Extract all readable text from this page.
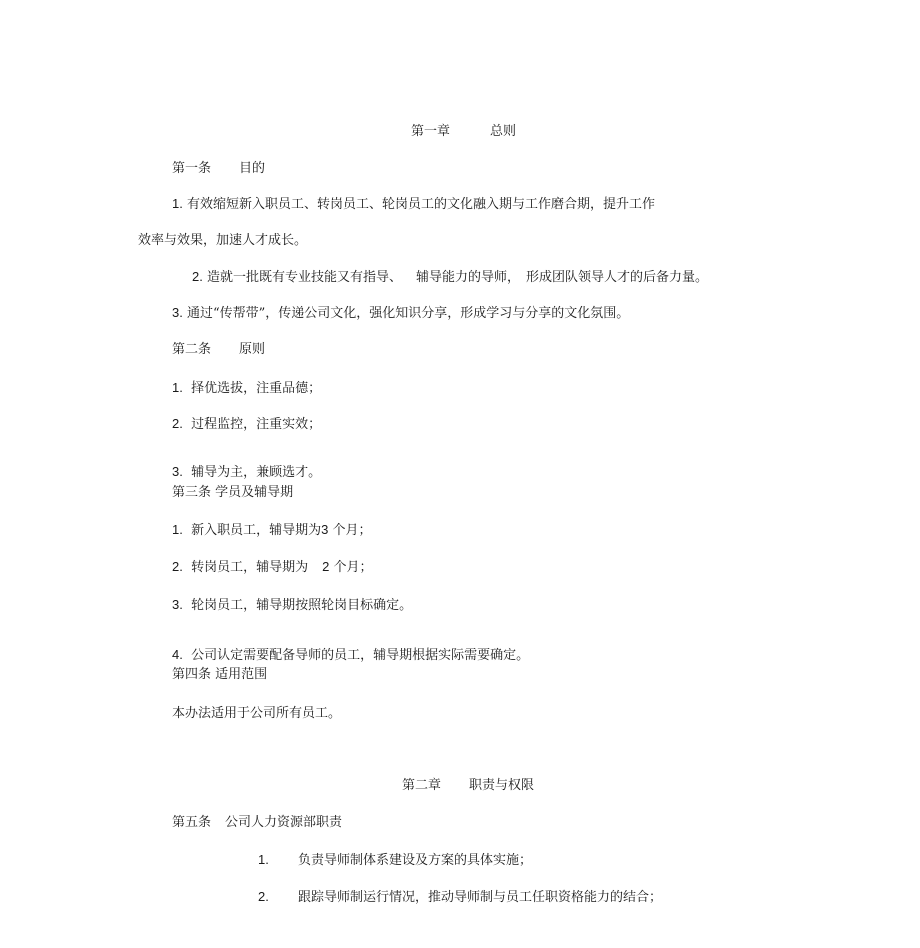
第一章	总则
第一条 目的
1. 有效缩短新入职员工、转岗员工、轮岗员工的文化融入期与工作磨合期，提升工作
效率与效果，加速人才成长。
2. 造就一批既有专业技能又有指导、 辅导能力的导师， 形成团队领导人才的后备力量。
3. 通过“传帮带”，传递公司文化，强化知识分享，形成学习与分享的文化氛围。
第二条 原则
1. 择优选拔，注重品德；
2. 过程监控，注重实效；
3. 辅导为主，兼顾选才。
第三条 学员及辅导期
1. 新入职员工，辅导期为3 个月；
2. 转岗员工，辅导期为 2 个月；
3. 轮岗员工，辅导期按照轮岗目标确定。
4. 公司认定需要配备导师的员工，辅导期根据实际需要确定。
第四条 适用范围
本办法适用于公司所有员工。
第二章 职责与权限
第五条 公司人力资源部职责
1. 负责导师制体系建设及方案的具体实施；
2. 跟踪导师制运行情况，推动导师制与员工任职资格能力的结合；
